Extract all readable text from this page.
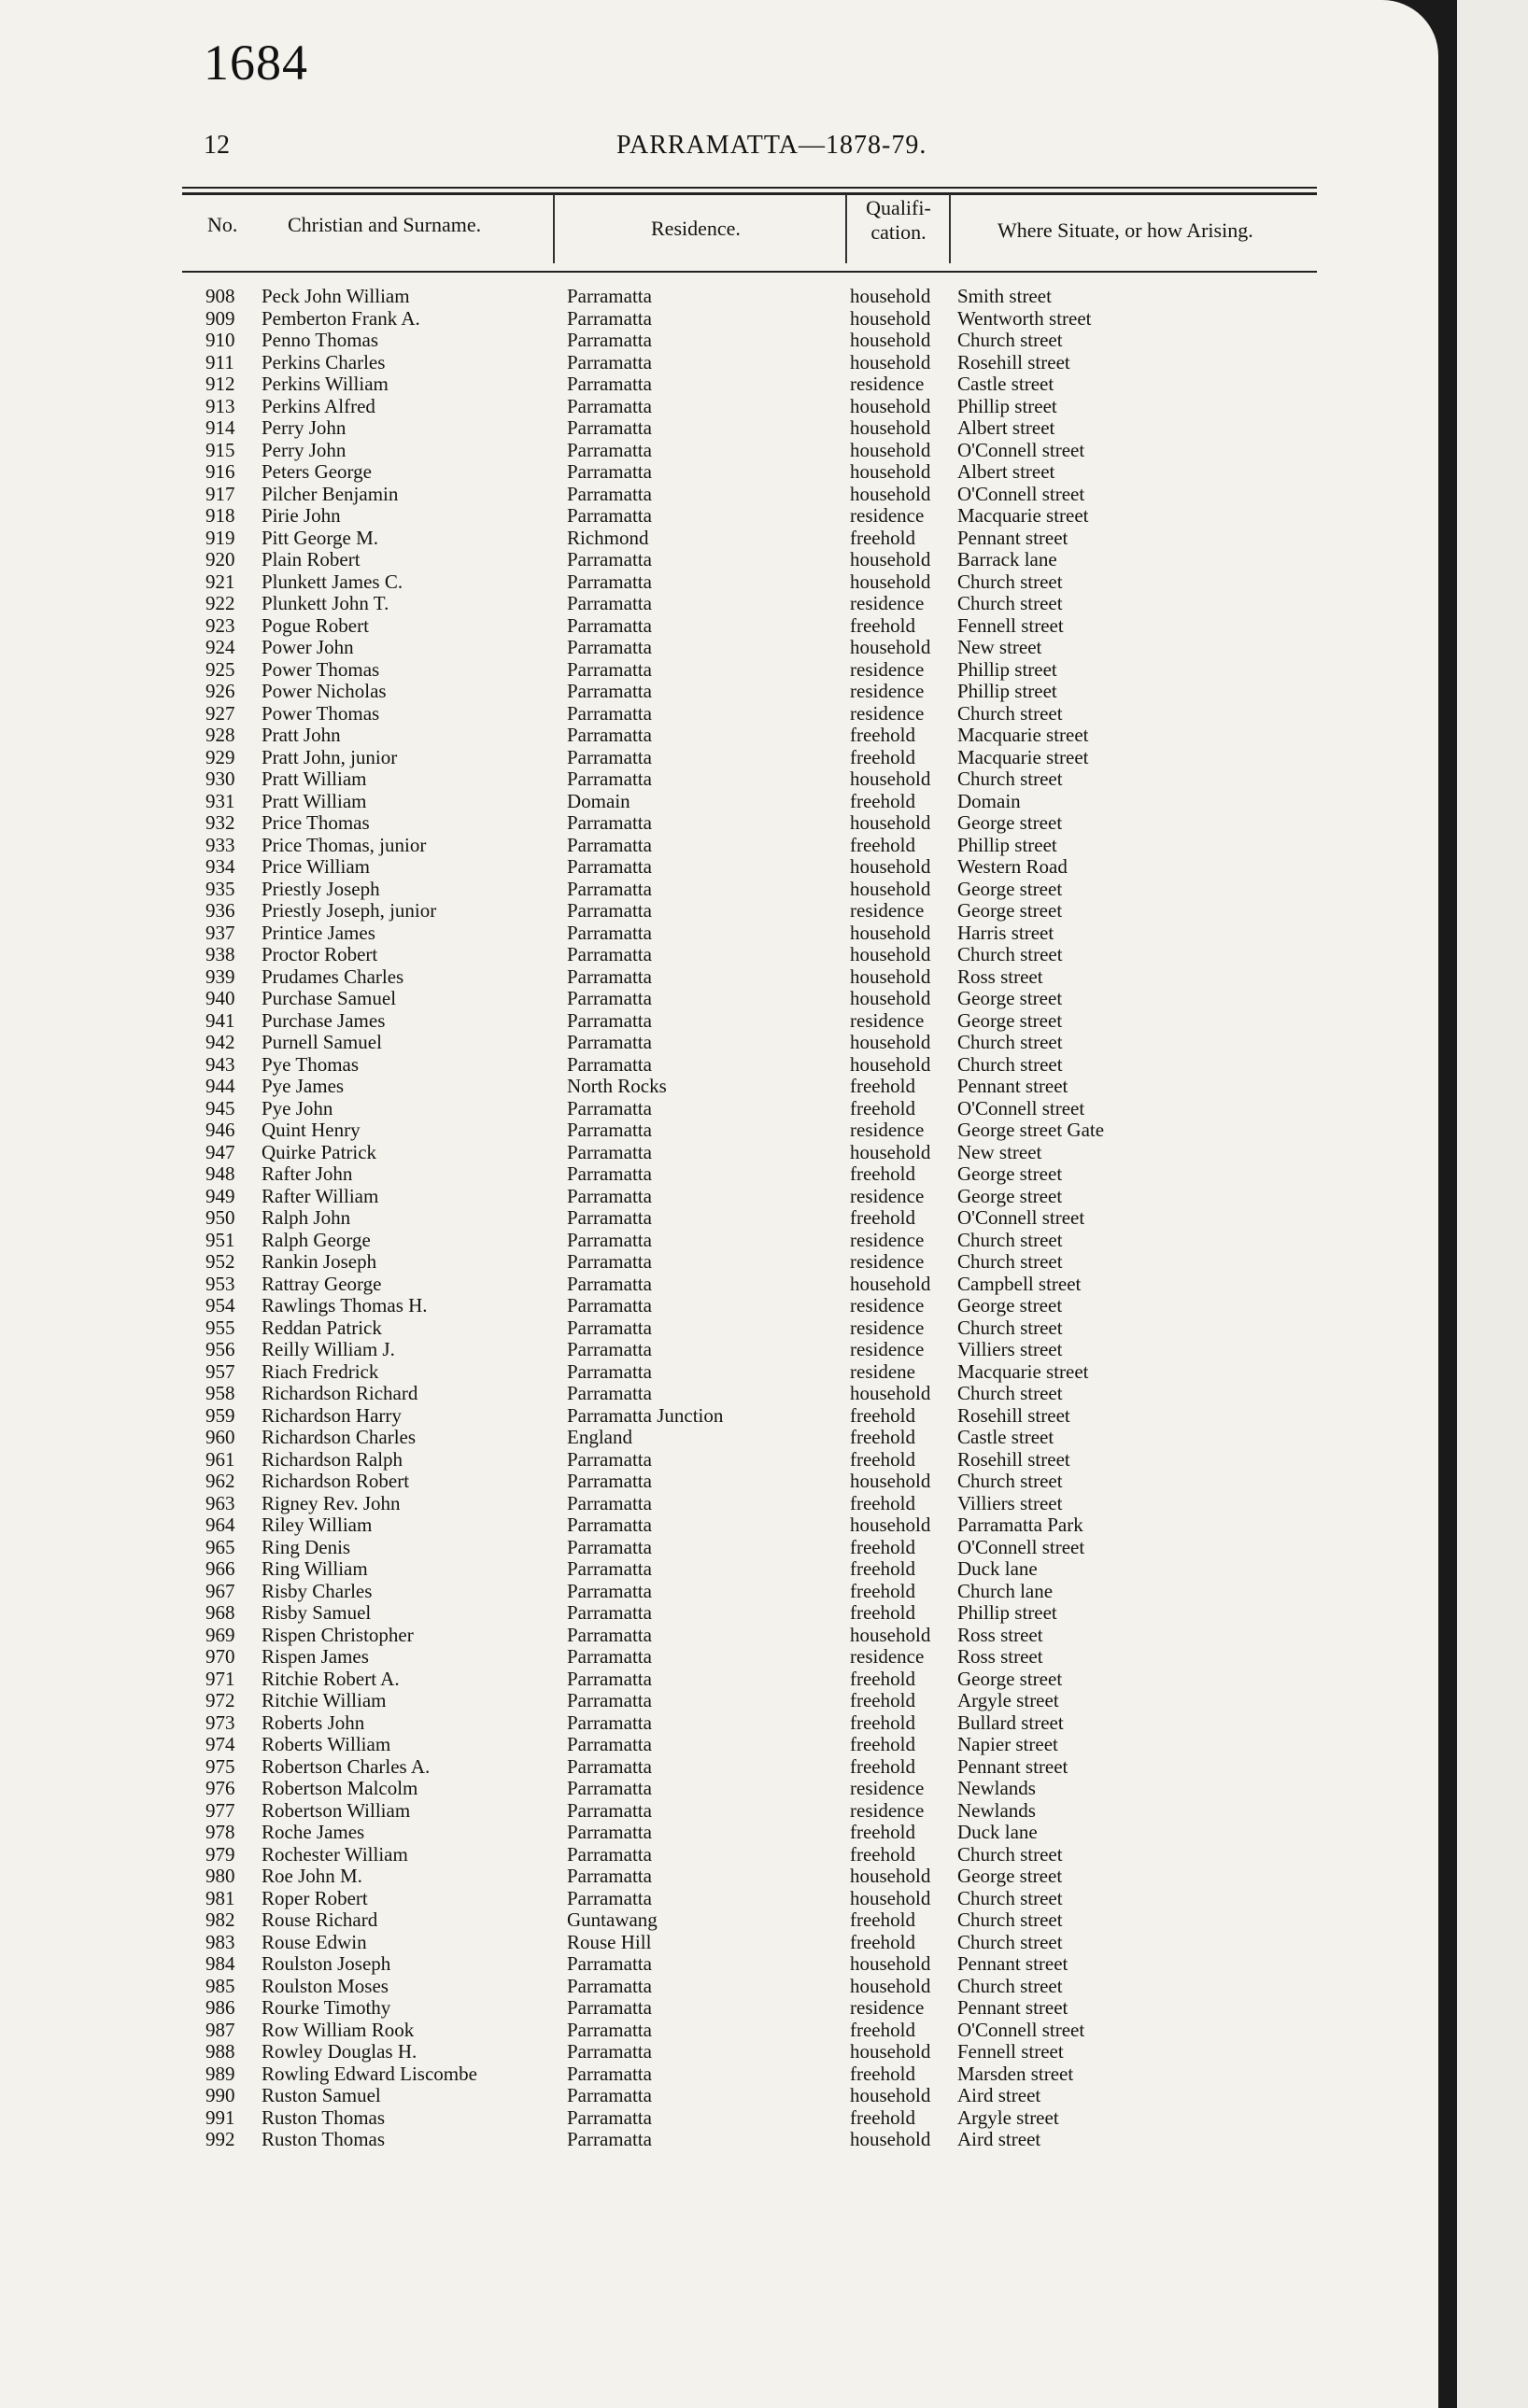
1684
12	PARRAMATTA—1878-79.
No. Christian and Surname.	Residence.
Qualifi-
cation.	Where Situate, or how Arising.
908 Peck John William	Parramatta	household Smith street
909 Pemberton Frank A.	Parramatta	household Wentworth street
910 Penno Thomas	Parramatta	household Church street
911 Perkins Charles	Parramatta	household Rosehill street
912 Perkins William	Parramatta	residence Castle street
913 Perkins Alfred	Parramatta	household Phillip street
914 Perry John	Parramatta	household Albert street
915 Perry John	Parramatta	household O'Connell street
916 Peters George	Parramatta	household Albert street
917 Pilcher Benjamin	Parramatta	household O'Connell street
918 Pirie John	Parramatta	residence Macquarie street
919 Pitt George M.	Richmond	freehold Pennant street
920 Plain Robert	Parramatta	household Barrack lane
921 Plunkett James C.	Parramatta	household Church street
922 Plunkett John T.	Parramatta	residence Church street
923 Pogue Robert	Parramatta	freehold Fennell street
924 Power John	Parramatta	household New street
925 Power Thomas	Parramatta	residence Phillip street
926 Power Nicholas	Parramatta	residence Phillip street
927 Power Thomas	Parramatta	residence Church street
928 Pratt John	Parramatta	freehold Macquarie street
929 Pratt John, junior	Parramatta	freehold Macquarie street
930 Pratt William	Parramatta	household Church street
931 Pratt William	Domain	freehold Domain
932 Price Thomas	Parramatta	household George street
933 Price Thomas, junior	Parramatta	freehold Phillip street
934 Price William	Parramatta	household Western Road
935 Priestly Joseph	Parramatta	household George street
936 Priestly Joseph, junior	Parramatta	residence George street
937 Printice James	Parramatta	household Harris street
938 Proctor Robert	Parramatta	household Church street
939 Prudames Charles	Parramatta	household Ross street
940 Purchase Samuel	Parramatta	household George street
941 Purchase James	Parramatta	residence George street
942 Purnell Samuel	Parramatta	household Church street
943 Pye Thomas	Parramatta	household Church street
944 Pye James	North Rocks	freehold Pennant street
945 Pye John	Parramatta	freehold O'Connell street
946 Quint Henry	Parramatta	residence George street Gate
947 Quirke Patrick	Parramatta	household New street
948 Rafter John	Parramatta	freehold George street
949 Rafter William	Parramatta	residence George street
950 Ralph John	Parramatta	freehold O'Connell street
951 Ralph George	Parramatta	residence Church street
952 Rankin Joseph	Parramatta	residence Church street
953 Rattray George	Parramatta	household Campbell street
954 Rawlings Thomas H.	Parramatta	residence George street
955 Reddan Patrick	Parramatta	residence Church street
956 Reilly William J.	Parramatta	residence Villiers street
957 Riach Fredrick	Parramatta	residene Macquarie street
958 Richardson Richard	Parramatta	household Church street
959 Richardson Harry	Parramatta Junction	freehold Rosehill street
960 Richardson Charles	England	freehold Castle street
961 Richardson Ralph	Parramatta	freehold Rosehill street
962 Richardson Robert	Parramatta	household Church street
963 Rigney Rev. John	Parramatta	freehold Villiers street
964 Riley William	Parramatta	household Parramatta Park
965 Ring Denis	Parramatta	freehold O'Connell street
966 Ring William	Parramatta	freehold Duck lane
967 Risby Charles	Parramatta	freehold Church lane
968 Risby Samuel	Parramatta	freehold Phillip street
969 Rispen Christopher	Parramatta	household Ross street
970 Rispen James	Parramatta	residence Ross street
971 Ritchie Robert A.	Parramatta	freehold George street
972 Ritchie William	Parramatta	freehold Argyle street
973 Roberts John	Parramatta	freehold Bullard street
974 Roberts William	Parramatta	freehold Napier street
975 Robertson Charles A.	Parramatta	freehold Pennant street
976 Robertson Malcolm	Parramatta	residence Newlands
977 Robertson William	Parramatta	residence Newlands
978 Roche James	Parramatta	freehold Duck lane
979 Rochester William	Parramatta	freehold Church street
980 Roe John M.	Parramatta	household George street
981 Roper Robert	Parramatta	household Church street
982 Rouse Richard	Guntawang	freehold Church street
983 Rouse Edwin	Rouse Hill	freehold Church street
984 Roulston Joseph	Parramatta	household Pennant street
985 Roulston Moses	Parramatta	household Church street
986 Rourke Timothy	Parramatta	residence Pennant street
987 Row William Rook	Parramatta	freehold O'Connell street
988 Rowley Douglas H.	Parramatta	household Fennell street
989 Rowling Edward Liscombe	Parramatta	freehold Marsden street
990 Ruston Samuel	Parramatta	household Aird street
991 Ruston Thomas	Parramatta	freehold Argyle street
992 Ruston Thomas	Parramatta	household Aird street
